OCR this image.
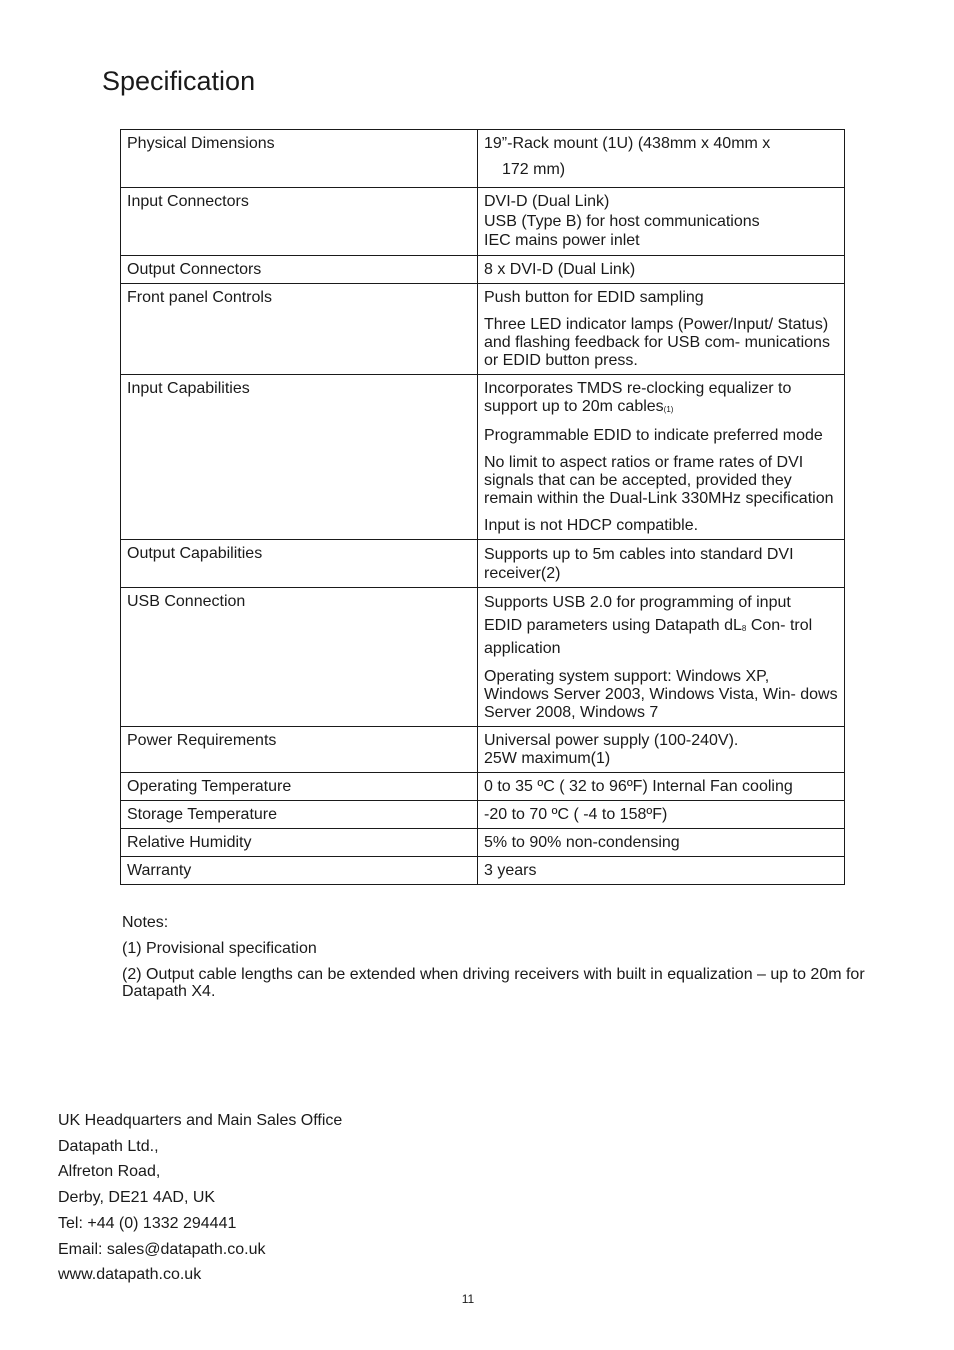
Specification
Physical Dimensions	19”-Rack mount (1U) (438mm x 40mm x
172 mm)

Input Connectors	DVI-D (Dual Link)
USB (Type B) for host communications
IEC mains power inlet

Output Connectors	8 x DVI-D (Dual Link)
Front panel Controls	Push button for EDID sampling
Three LED indicator lamps (Power/Input/ Status) and flashing feedback for USB com- munications or EDID button press.

Input Capabilities	Incorporates TMDS re-clocking equalizer to support up to 20m cables$_{(1)}$
Programmable EDID to indicate preferred mode
No limit to aspect ratios or frame rates of DVI signals that can be accepted, provided they remain within the Dual-Link 330MHz specification
Input is not HDCP compatible.

Output Capabilities	Supports up to 5m cables into standard DVI receiver(2)
USB Connection	Supports USB 2.0 for programming of input
EDID parameters using Datapath $dL_8$ Con- trol application
Operating system support: Windows XP, Windows Server 2003, Windows Vista, Win- dows Server 2008, Windows 7

Power Requirements	Universal power supply (100-240V).
25W maximum(1)

Operating Temperature	0 to 35 ºC ( 32 to 96ºF) Internal Fan cooling
Storage Temperature	-20 to 70 ºC ( -4 to 158ºF)
Relative Humidity	5% to 90% non-condensing
Warranty	3 years
Notes:
(1) Provisional specification
(2) Output cable lengths can be extended when driving receivers with built in equalization – up to 20m for Datapath X4.
UK Headquarters and Main Sales Office
Datapath Ltd.,
Alfreton Road,
Derby, DE21 4AD, UK
Tel: +44 (0) 1332 294441
Email: sales@datapath.co.uk
www.datapath.co.uk
11
